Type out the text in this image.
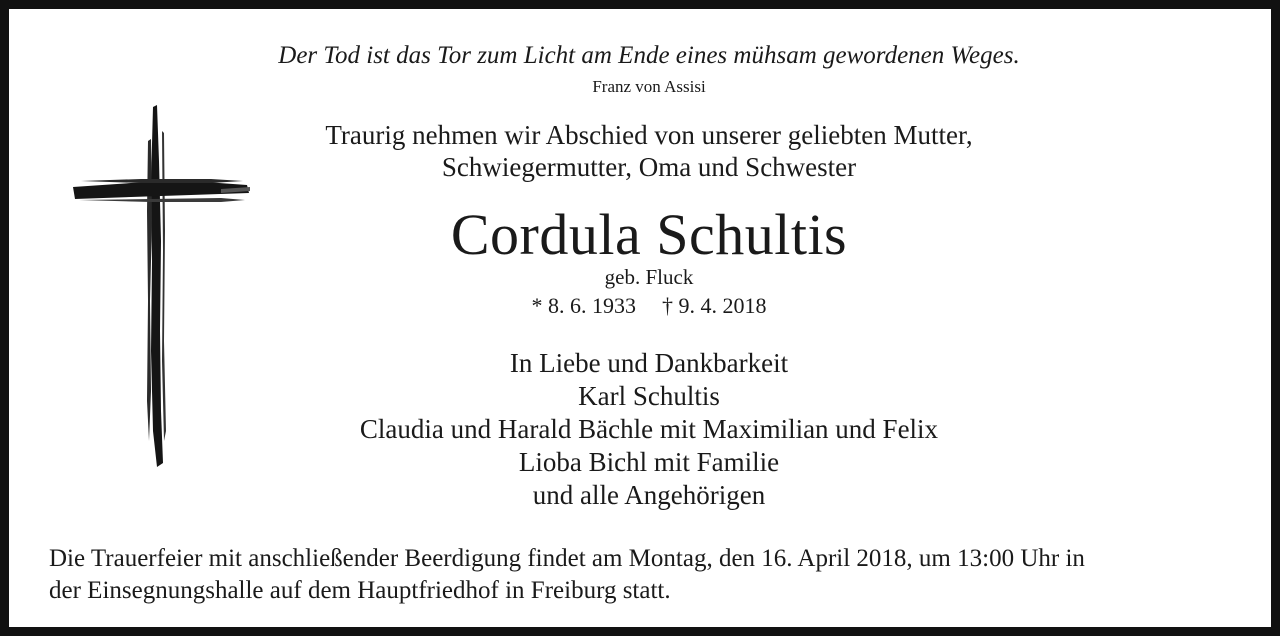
Der Tod ist das Tor zum Licht am Ende eines mühsam gewordenen Weges.
Franz von Assisi
Traurig nehmen wir Abschied von unserer geliebten Mutter,
Schwiegermutter, Oma und Schwester
Cordula Schultis
geb. Fluck
* 8. 6. 1933 † 9. 4. 2018
In Liebe und Dankbarkeit
Karl Schultis
Claudia und Harald Bächle mit Maximilian und Felix
Lioba Bichl mit Familie
und alle Angehörigen
Die Trauerfeier mit anschließender Beerdigung findet am Montag, den 16. April 2018, um 13:00 Uhr in
der Einsegnungshalle auf dem Hauptfriedhof in Freiburg statt.
